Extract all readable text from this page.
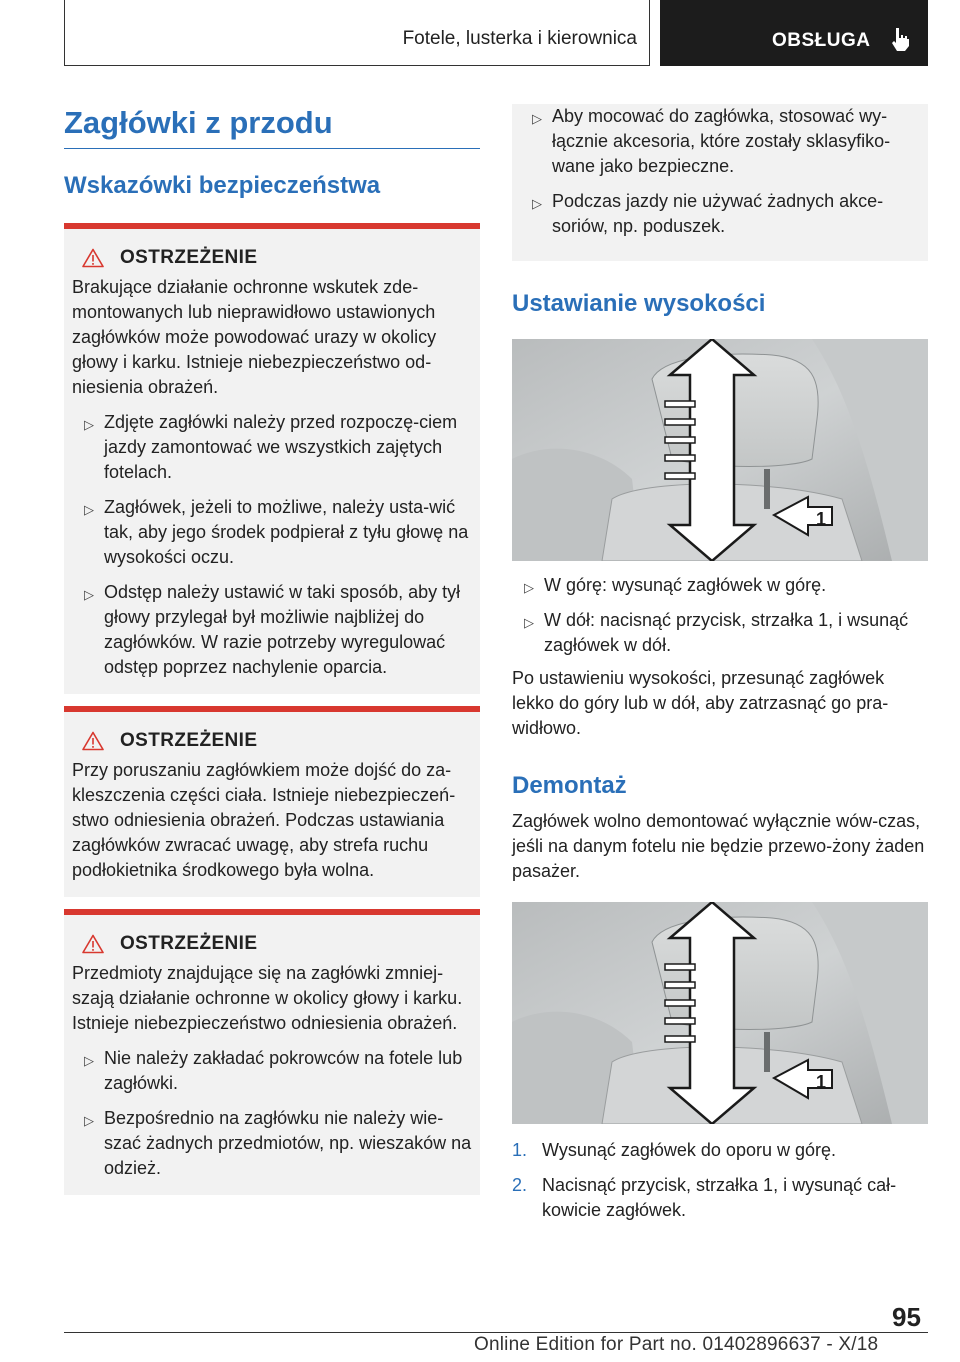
Fotele, lusterka i kierownica	OBSŁUGA
Zagłówki z przodu
Wskazówki bezpieczeństwa
OSTRZEŻENIE

Brakujące działanie ochronne wskutek zde-montowanych lub nieprawidłowo ustawionych zagłówków może powodować urazy w okolicy głowy i karku. Istnieje niebezpieczeństwo od-niesienia obrażeń.

▷ Zdjęte zagłówki należy przed rozpoczę-ciem jazdy zamontować we wszystkich zajętych fotelach.
▷ Zagłówek, jeżeli to możliwe, należy usta-wić tak, aby jego środek podpierał z tyłu głowę na wysokości oczu.
▷ Odstęp należy ustawić w taki sposób, aby tył głowy przylegał był możliwie najbliżej do zagłówków. W razie potrzeby wyregulować odstęp poprzez nachylenie oparcia.
OSTRZEŻENIE

Przy poruszaniu zagłówkiem może dojść do za-kleszczenia części ciała. Istnieje niebezpieczeń-stwo odniesienia obrażeń. Podczas ustawiania zagłówków zwracać uwagę, aby strefa ruchu podłokietnika środkowego była wolna.

OSTRZEŻENIE

Przedmioty znajdujące się na zagłówki zmniej-szają działanie ochronne w okolicy głowy i karku. Istnieje niebezpieczeństwo odniesienia obrażeń.

▷ Nie należy zakładać pokrowców na fotele lub zagłówki.
▷ Bezpośrednio na zagłówku nie należy wie-szać żadnych przedmiotów, np. wieszaków na odzież.
▷ Aby mocować do zagłówka, stosować wy-łącznie akcesoria, które zostały sklasyfiko-wane jako bezpieczne.
▷ Podczas jazdy nie używać żadnych akce-soriów, np. poduszek.
Ustawianie wysokości
1
▷ W górę: wysunąć zagłówek w górę.
▷ W dół: nacisnąć przycisk, strzałka 1, i wsunąć zagłówek w dół.

Po ustawieniu wysokości, przesunąć zagłówek lekko do góry lub w dół, aby zatrzasnąć go pra-widłowo.

Demontaż

Zagłówek wolno demontować wyłącznie wów-czas, jeśli na danym fotelu nie będzie przewo-żony żaden pasażer.

1
1. Wysunąć zagłówek do oporu w górę.
2. Nacisnąć przycisk, strzałka 1, i wysunąć cał-kowicie zagłówek.
95
Online Edition for Part no. 01402896637 - X/18
